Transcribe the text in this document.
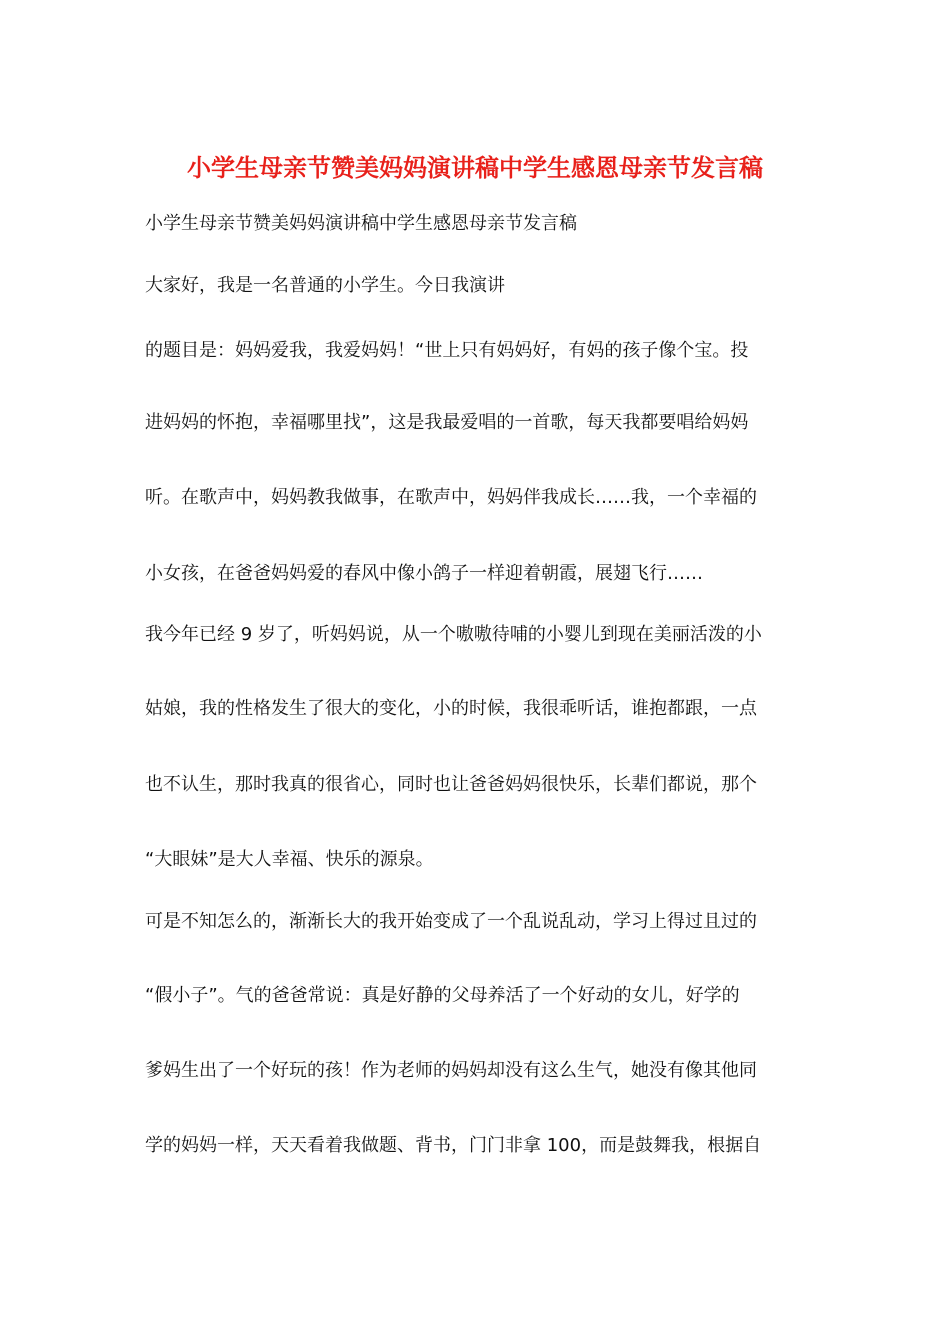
小学生母亲节赞美妈妈演讲稿中学生感恩母亲节发言稿
小学生母亲节赞美妈妈演讲稿中学生感恩母亲节发言稿
大家好，我是一名普通的小学生。今日我演讲
的题目是：妈妈爱我，我爱妈妈！“世上只有妈妈好，有妈的孩子像个宝。投
进妈妈的怀抱，幸福哪里找”，这是我最爱唱的一首歌，每天我都要唱给妈妈
听。在歌声中，妈妈教我做事，在歌声中，妈妈伴我成长……我，一个幸福的
小女孩，在爸爸妈妈爱的春风中像小鸽子一样迎着朝霞，展翅飞行……
我今年已经 9 岁了，听妈妈说，从一个嗷嗷待哺的小婴儿到现在美丽活泼的小
姑娘，我的性格发生了很大的变化，小的时候，我很乖听话，谁抱都跟，一点
也不认生，那时我真的很省心，同时也让爸爸妈妈很快乐，长辈们都说，那个
“大眼妹”是大人幸福、快乐的源泉。
可是不知怎么的，渐渐长大的我开始变成了一个乱说乱动，学习上得过且过的
“假小子”。气的爸爸常说：真是好静的父母养活了一个好动的女儿，好学的
爹妈生出了一个好玩的孩！作为老师的妈妈却没有这么生气，她没有像其他同
学的妈妈一样，天天看着我做题、背书，门门非拿 100，而是鼓舞我，根据自
